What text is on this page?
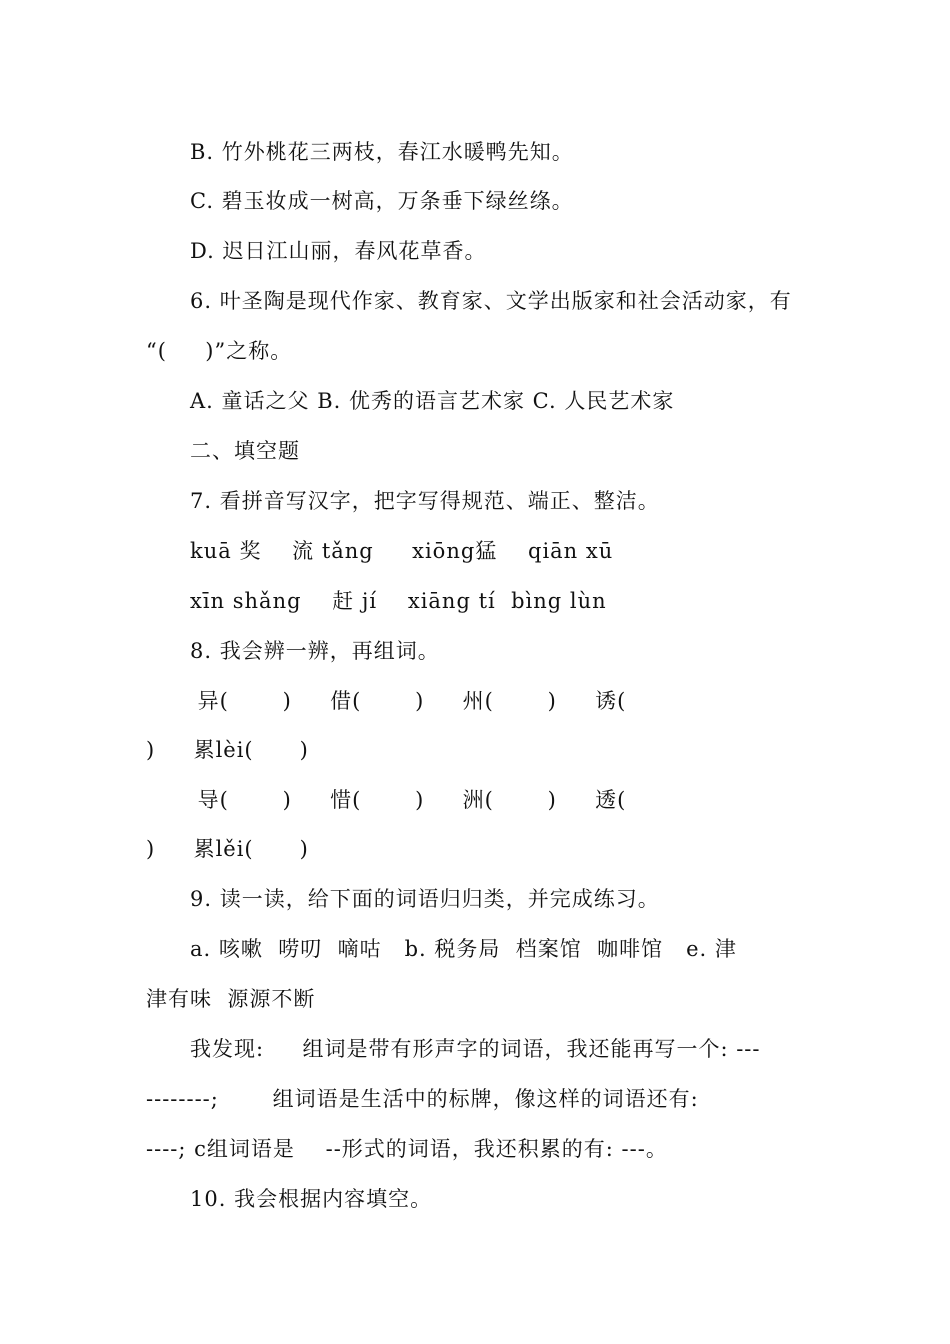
B. 竹外桃花三两枝，春江水暖鸭先知。
C. 碧玉妆成一树高，万条垂下绿丝绦。
D. 迟日江山丽，春风花草香。
6. 叶圣陶是现代作家、教育家、文学出版家和社会活动家，有
“(     )”之称。
A. 童话之父 B. 优秀的语言艺术家 C. 人民艺术家
二、填空题
7. 看拼音写汉字，把字写得规范、端正、整洁。
kuā 奖    流 tǎng     xiōng猛    qiān xū
xīn shǎng    赶 jí    xiāng tí  bìng lùn
8. 我会辨一辨，再组词。
异(       )     借(       )     州(       )     诱(
)     累lèi(      )
导(       )     惜(       )     洲(       )     透(
)     累lěi(      )
9. 读一读，给下面的词语归归类，并完成练习。
a. 咳嗽  唠叨  嘀咕   b. 税务局  档案馆  咖啡馆   e. 津
津有味  源源不断
我发现:     组词是带有形声字的词语，我还能再写一个: ---
--------;       组词语是生活中的标牌，像这样的词语还有:
----; c组词语是    --形式的词语，我还积累的有: ---。
10. 我会根据内容填空。
